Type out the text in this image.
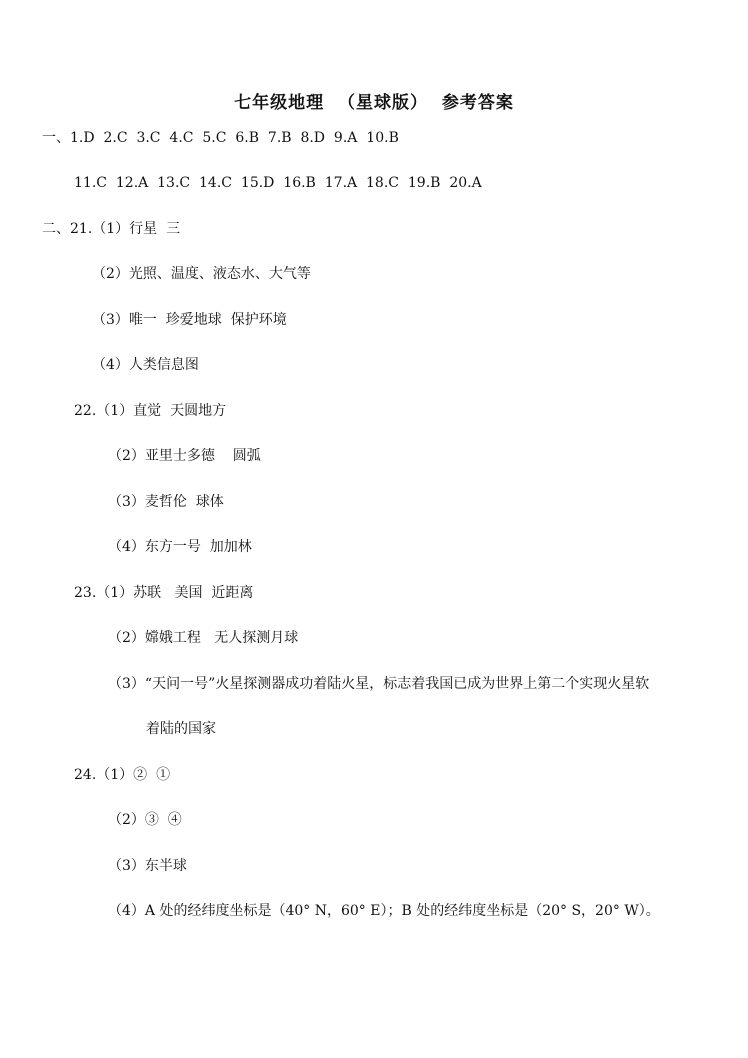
七年级地理  （星球版）  参考答案
一、1.D  2.C  3.C  4.C  5.C  6.B  7.B  8.D  9.A  10.B
11.C  12.A  13.C  14.C  15.D  16.B  17.A  18.C  19.B  20.A
二、21.（1）行星  三
（2）光照、温度、液态水、大气等
（3）唯一  珍爱地球  保护环境
（4）人类信息图
22.（1）直觉  天圆地方
（2）亚里士多德    圆弧
（3）麦哲伦  球体
（4）东方一号  加加林
23.（1）苏联   美国  近距离
（2）嫦娥工程   无人探测月球
（3）“天问一号”火星探测器成功着陆火星，标志着我国已成为世界上第二个实现火星软
着陆的国家
24.（1）②  ①
（2）③  ④
（3）东半球
（4）A 处的经纬度坐标是（40° N，60° E）；B 处的经纬度坐标是（20° S，20° W）。
